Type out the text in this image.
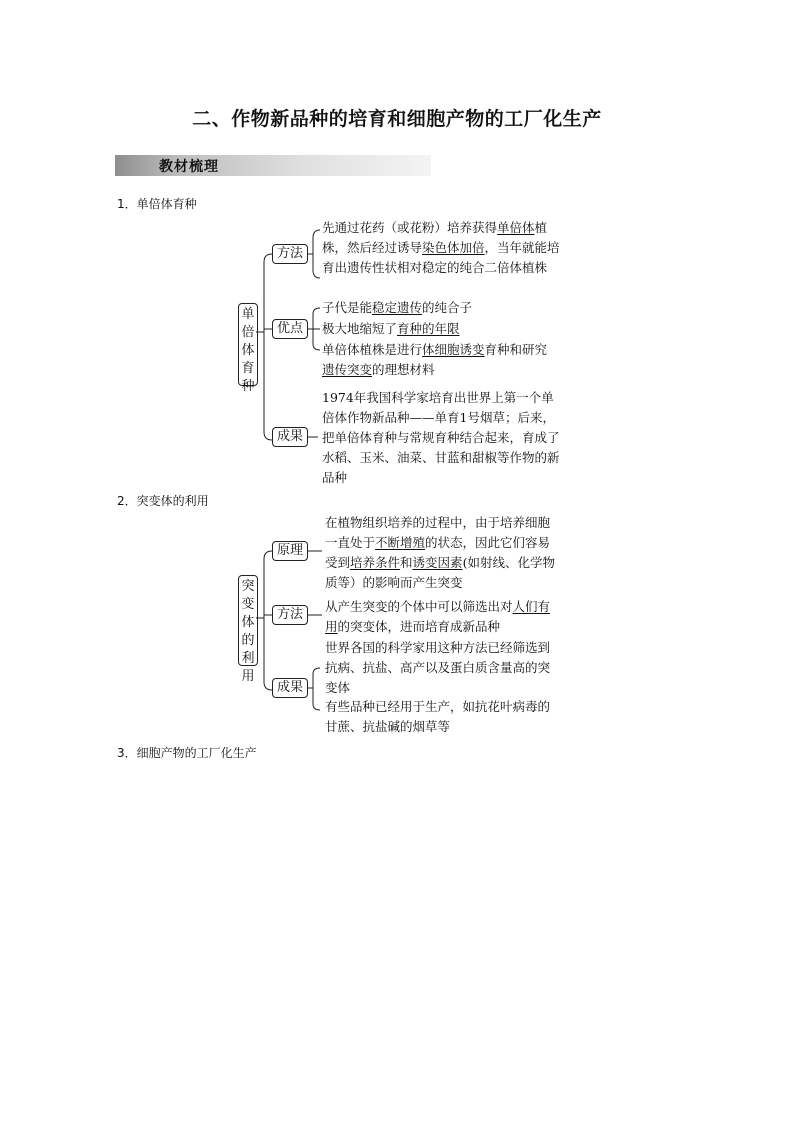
二、作物新品种的培育和细胞产物的工厂化生产
教材梳理
1．单倍体育种
单倍体育种
方法
先通过花药（或花粉）培养获得单倍体植株，然后经过诱导染色体加倍，当年就能培育出遗传性状相对稳定的纯合二倍体植株
优点
子代是能稳定遗传的纯合子
极大地缩短了育种的年限
单倍体植株是进行体细胞诱变育种和研究遗传突变的理想材料
成果
1974年我国科学家培育出世界上第一个单倍体作物新品种——单育1号烟草；后来，把单倍体育种与常规育种结合起来，育成了水稻、玉米、油菜、甘蓝和甜椒等作物的新品种
2．突变体的利用
突变体的利用
原理
在植物组织培养的过程中，由于培养细胞一直处于不断增殖的状态，因此它们容易受到培养条件和诱变因素(如射线、化学物质等）的影响而产生突变
方法
从产生突变的个体中可以筛选出对人们有用的突变体，进而培育成新品种
成果
世界各国的科学家用这种方法已经筛选到抗病、抗盐、高产以及蛋白质含量高的突变体
有些品种已经用于生产，如抗花叶病毒的甘蔗、抗盐碱的烟草等
3．细胞产物的工厂化生产
